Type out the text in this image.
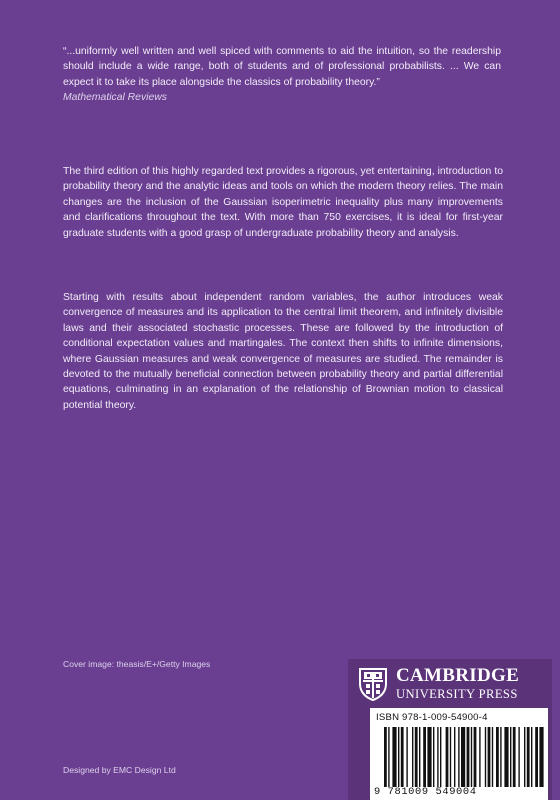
“...uniformly well written and well spiced with comments to aid the intuition, so the readership should include a wide range, both of students and of professional probabilists. ... We can expect it to take its place alongside the classics of probability theory.”
Mathematical Reviews
The third edition of this highly regarded text provides a rigorous, yet entertaining, introduction to probability theory and the analytic ideas and tools on which the modern theory relies. The main changes are the inclusion of the Gaussian isoperimetric inequality plus many improvements and clarifications throughout the text. With more than 750 exercises, it is ideal for first-year graduate students with a good grasp of undergraduate probability theory and analysis.
Starting with results about independent random variables, the author introduces weak convergence of measures and its application to the central limit theorem, and infinitely divisible laws and their associated stochastic processes. These are followed by the introduction of conditional expectation values and martingales. The context then shifts to infinite dimensions, where Gaussian measures and weak convergence of measures are studied. The remainder is devoted to the mutually beneficial connection between probability theory and partial differential equations, culminating in an explanation of the relationship of Brownian motion to classical potential theory.
Cover image: theasis/E+/Getty Images
Designed by EMC Design Ltd
CAMBRIDGE
UNIVERSITY PRESS
ISBN 978-1-009-54900-4
9 781009 549004
